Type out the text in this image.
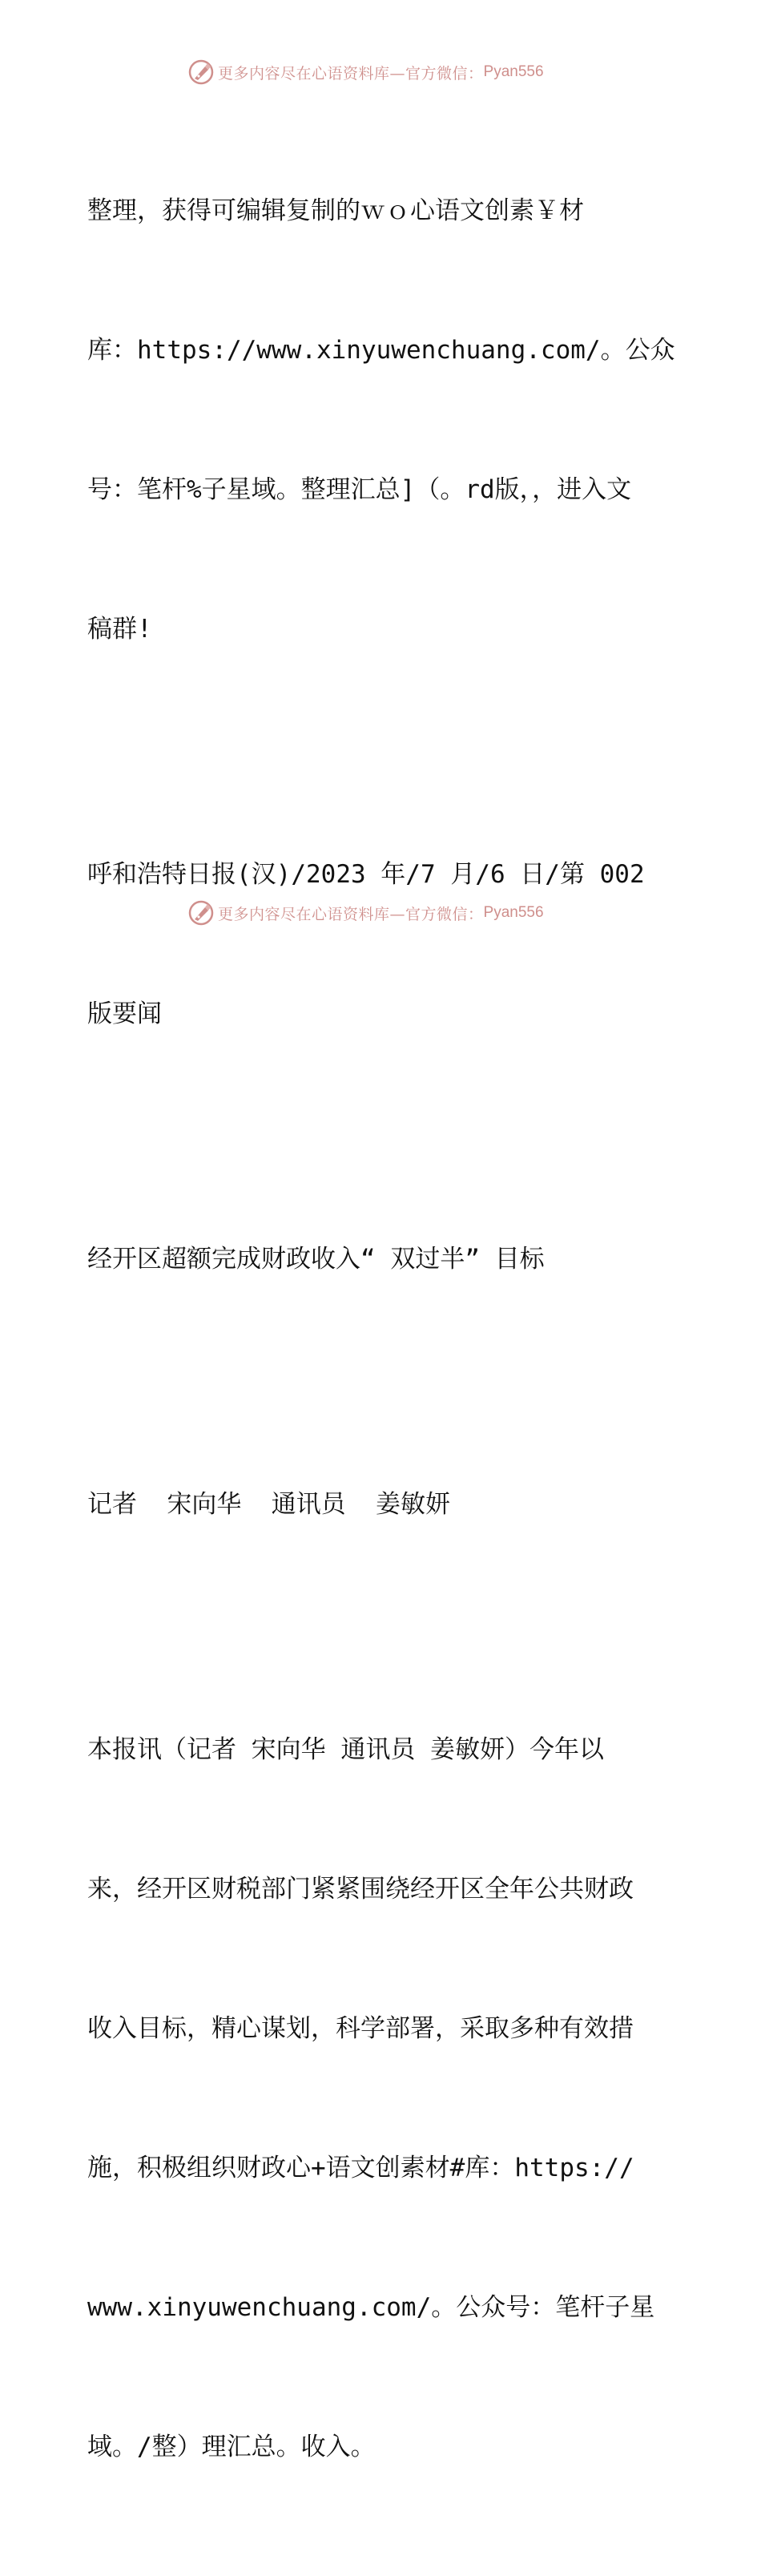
更多内容尽在心语资料库—官方微信： Pyan556

整理，获得可编辑复制的ｗｏ心语文创素￥材

库：https://www.xinyuwenchuang.com/。公众

号：笔杆%子星域。整理汇总]（。rd版，，进入文

稿群!

呼和浩特日报(汉)/2023 年/7 月/6 日/第 002

版要闻

经开区超额完成财政收入“ 双过半” 目标

记者  宋向华  通讯员  姜敏妍

本报讯（记者 宋向华 通讯员 姜敏妍）今年以

来，经开区财税部门紧紧围绕经开区全年公共财政

收入目标，精心谋划，科学部署，采取多种有效措

施，积极组织财政心+语文创素材#库：https://

www.xinyuwenchuang.com/。公众号：笔杆子星

域。/整）理汇总。收入。

更多内容尽在心语资料库—官方微信： Pyan556
